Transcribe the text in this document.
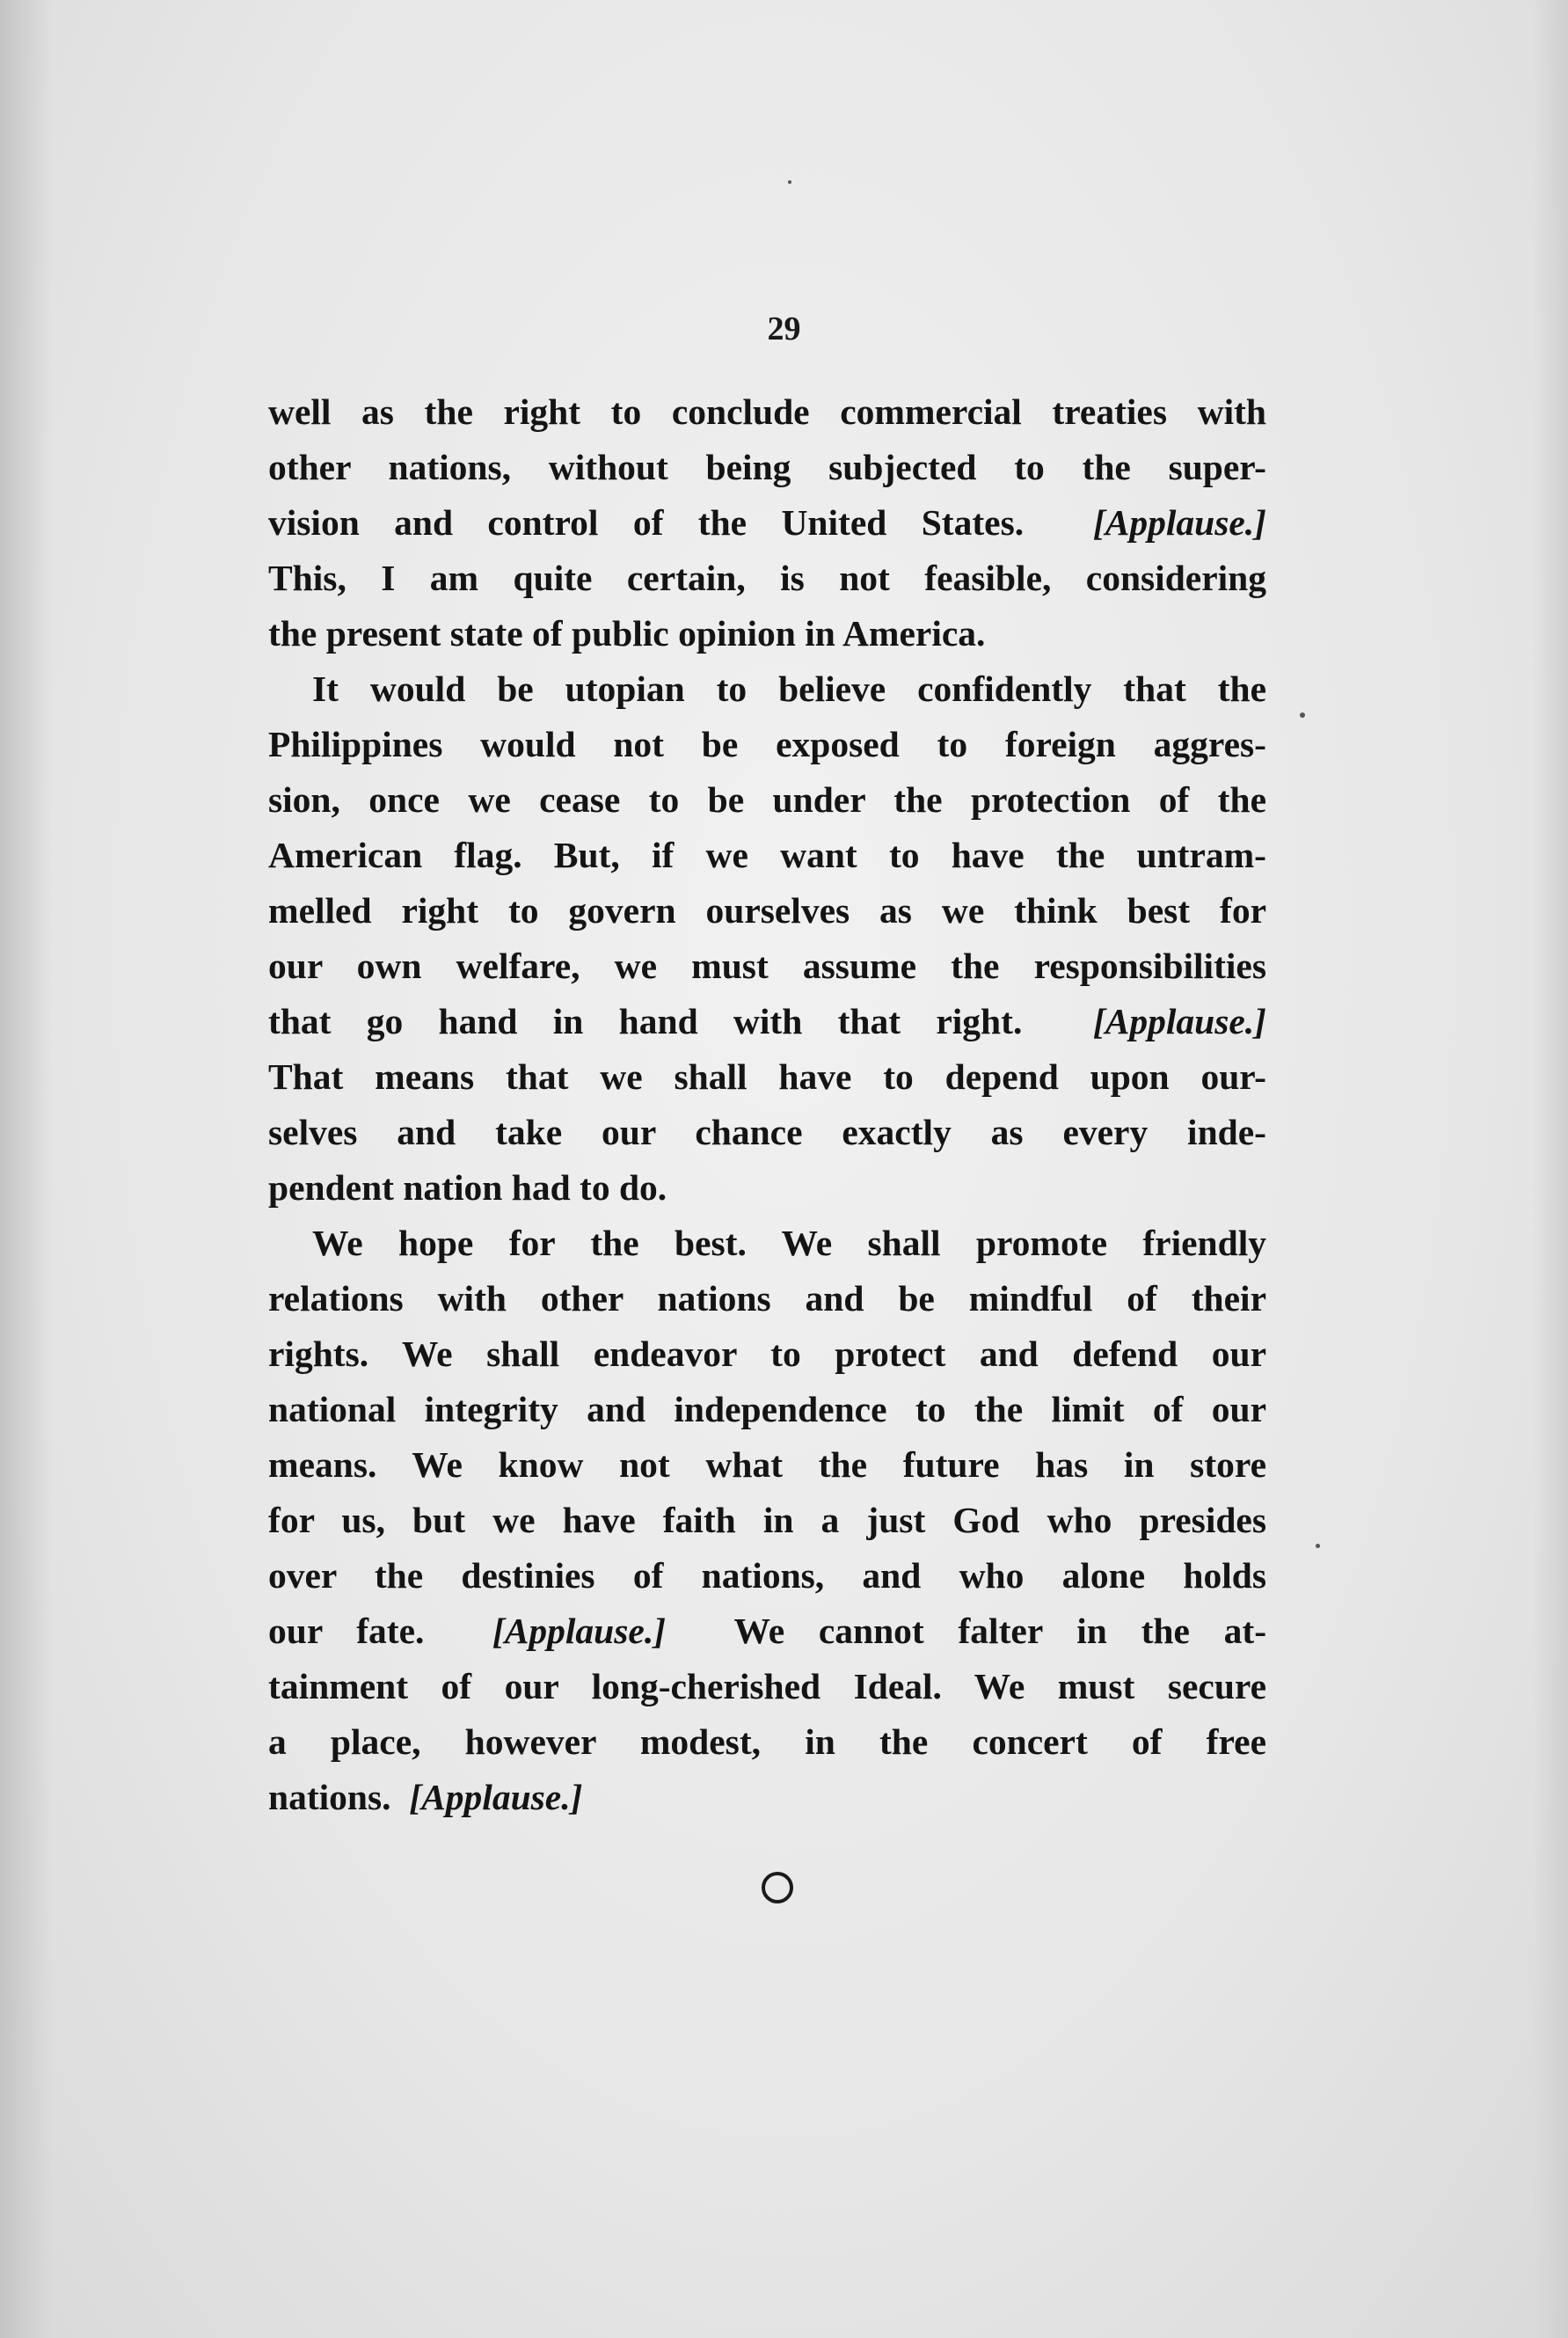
29
well as the right to conclude commercial treaties with
other nations, without being subjected to the super-
vision and control of the United States. [Applause.]
This, I am quite certain, is not feasible, considering
the present state of public opinion in America.
It would be utopian to believe confidently that the
Philippines would not be exposed to foreign aggres-
sion, once we cease to be under the protection of the
American flag. But, if we want to have the untram-
melled right to govern ourselves as we think best for
our own welfare, we must assume the responsibilities
that go hand in hand with that right. [Applause.]
That means that we shall have to depend upon our-
selves and take our chance exactly as every inde-
pendent nation had to do.
We hope for the best. We shall promote friendly
relations with other nations and be mindful of their
rights. We shall endeavor to protect and defend our
national integrity and independence to the limit of our
means. We know not what the future has in store
for us, but we have faith in a just God who presides
over the destinies of nations, and who alone holds
our fate. [Applause.] We cannot falter in the at-
tainment of our long-cherished Ideal. We must secure
a place, however modest, in the concert of free
nations. [Applause.]
